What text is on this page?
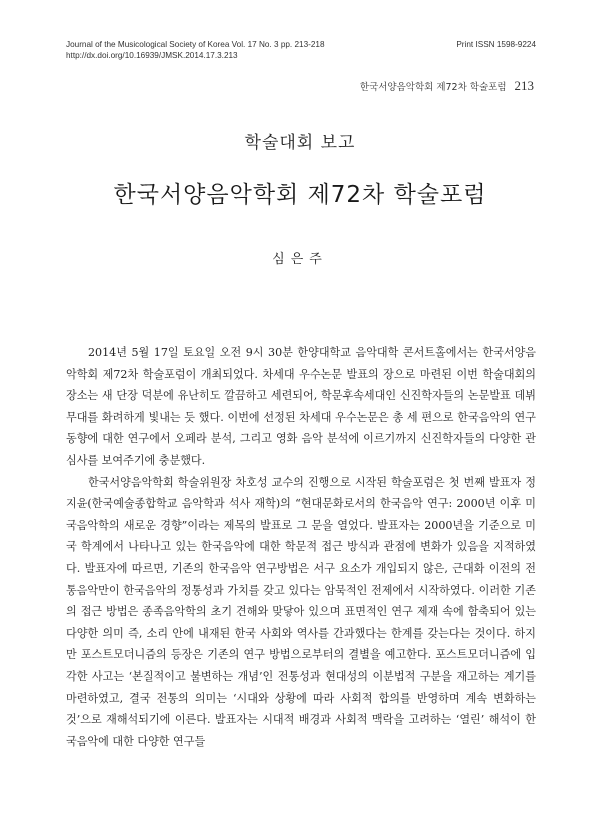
Journal of the Musicological Society of Korea Vol. 17 No. 3 pp. 213-218
http://dx.doi.org/10.16939/JMSK.2014.17.3.213
Print ISSN 1598-9224
한국서양음악학회 제72차 학술포럼 213
학술대회 보고
한국서양음악학회 제72차 학술포럼
심은주

2014년 5월 17일 토요일 오전 9시 30분 한양대학교 음악대학 콘서트홀에서는 한국서양음악학회 제72차 학술포럼이 개최되었다. 차세대 우수논문 발표의 장으로 마련된 이번 학술대회의 장소는 새 단장 덕분에 유난히도 깔끔하고 세련되어, 학문후속세대인 신진학자들의 논문발표 데뷔 무대를 화려하게 빛내는 듯 했다. 이번에 선정된 차세대 우수논문은 총 세 편으로 한국음악의 연구동향에 대한 연구에서 오페라 분석, 그리고 영화 음악 분석에 이르기까지 신진학자들의 다양한 관심사를 보여주기에 충분했다.

한국서양음악학회 학술위원장 차호성 교수의 진행으로 시작된 학술포럼은 첫 번째 발표자 정지윤(한국예술종합학교 음악학과 석사 재학)의 “현대문화로서의 한국음악 연구: 2000년 이후 미국음악학의 새로운 경향”이라는 제목의 발표로 그 문을 열었다. 발표자는 2000년을 기준으로 미국 학계에서 나타나고 있는 한국음악에 대한 학문적 접근 방식과 관점에 변화가 있음을 지적하였다. 발표자에 따르면, 기존의 한국음악 연구방법은 서구 요소가 개입되지 않은, 근대화 이전의 전통음악만이 한국음악의 정통성과 가치를 갖고 있다는 암묵적인 전제에서 시작하였다. 이러한 기존의 접근 방법은 종족음악학의 초기 견해와 맞닿아 있으며 표면적인 연구 제재 속에 함축되어 있는 다양한 의미 즉, 소리 안에 내재된 한국 사회와 역사를 간과했다는 한계를 갖는다는 것이다. 하지만 포스트모더니즘의 등장은 기존의 연구 방법으로부터의 결별을 예고한다. 포스트모더니즘에 입각한 사고는 ‘본질적이고 불변하는 개념’인 전통성과 현대성의 이분법적 구분을 재고하는 계기를 마련하였고, 결국 전통의 의미는 ‘시대와 상황에 따라 사회적 합의를 반영하며 계속 변화하는 것’으로 재해석되기에 이른다. 발표자는 시대적 배경과 사회적 맥락을 고려하는 ‘열린’ 해석이 한국음악에 대한 다양한 연구들
